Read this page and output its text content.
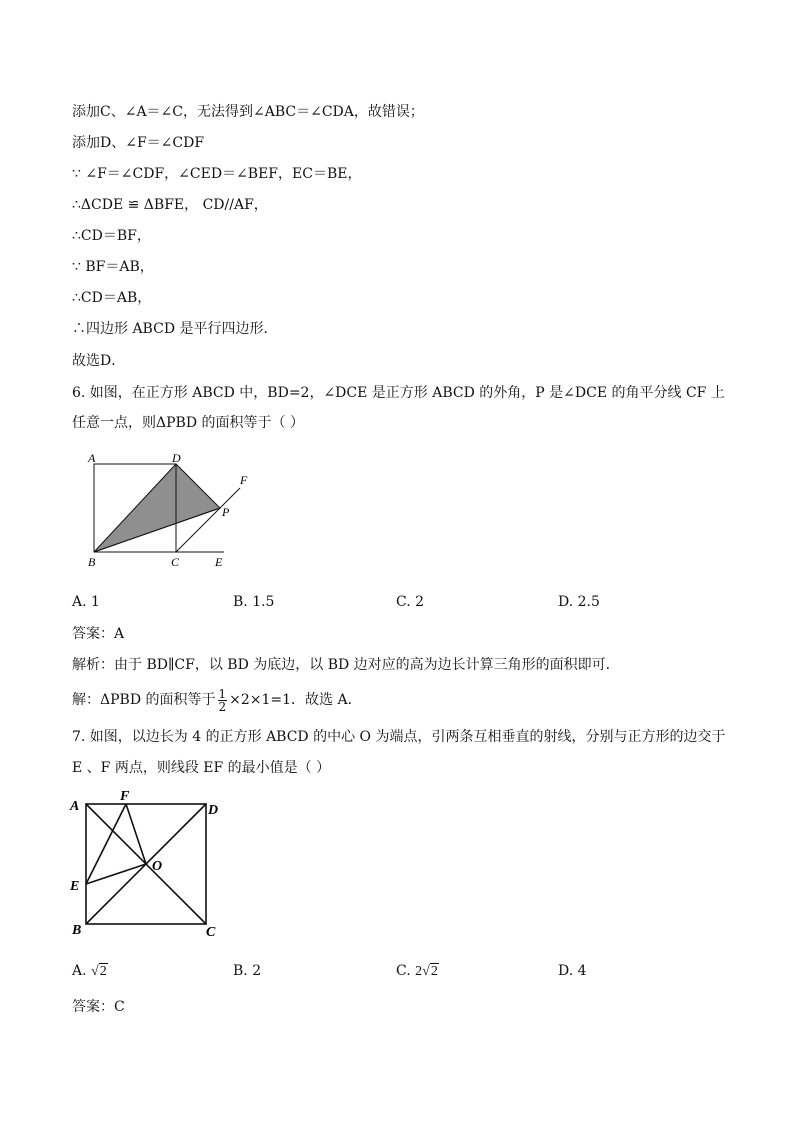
添加C、∠A＝∠C，无法得到∠ABC＝∠CDA，故错误；
添加D、∠F＝∠CDF
∵ ∠F＝∠CDF，∠CED＝∠BEF，EC＝BE，
∴ΔCDE ≌ ΔBFE， CD//AF，
∴CD＝BF，
∵ BF＝AB，
∴CD＝AB，
∴四边形 ABCD 是平行四边形．
故选D．
6. 如图，在正方形 ABCD 中，BD=2，∠DCE 是正方形 ABCD 的外角，P 是∠DCE 的角平分线 CF 上
任意一点，则ΔPBD 的面积等于（ ）
A	D
F
P
B	C	E
A. 1	B. 1.5	C. 2	D. 2.5
答案：A
解析：由于 BD∥CF，以 BD 为底边，以 BD 边对应的高为边长计算三角形的面积即可．
解：ΔPBD 的面积等于 $\frac{1}{2} \times 2\times 1=1$．故选 A．
7. 如图，以边长为 4 的正方形 ABCD 的中心 O 为端点，引两条互相垂直的射线，分别与正方形的边交于
E 、F 两点，则线段 EF 的最小值是（ ）
A
F
D
O
E
B	C
A. √2	B. 2	C. 2√2	D. 4
答案：C
